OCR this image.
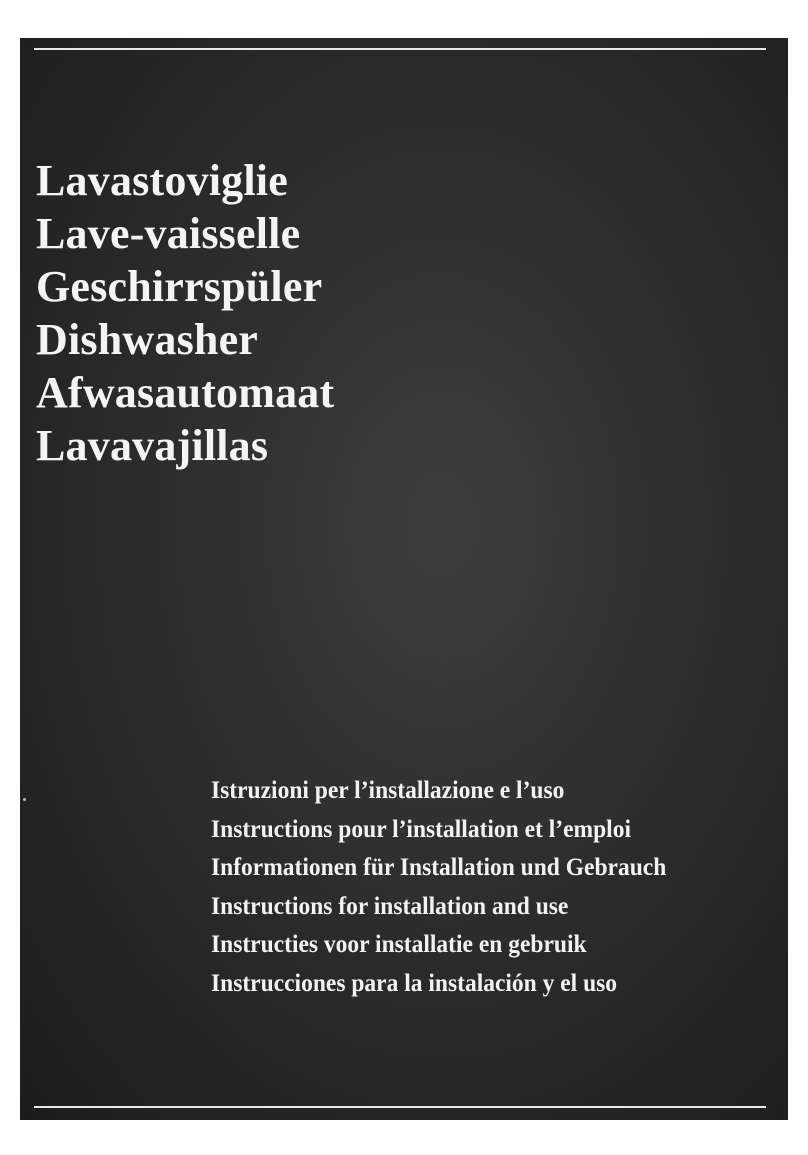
Lavastoviglie
Lave-vaisselle
Geschirrspüler
Dishwasher
Afwasautomaat
Lavavajillas
Istruzioni per l’installazione e l’uso
Instructions pour l’installation et l’emploi
Informationen für Installation und Gebrauch
Instructions for installation and use
Instructies voor installatie en gebruik
Instrucciones para la instalación y el uso
